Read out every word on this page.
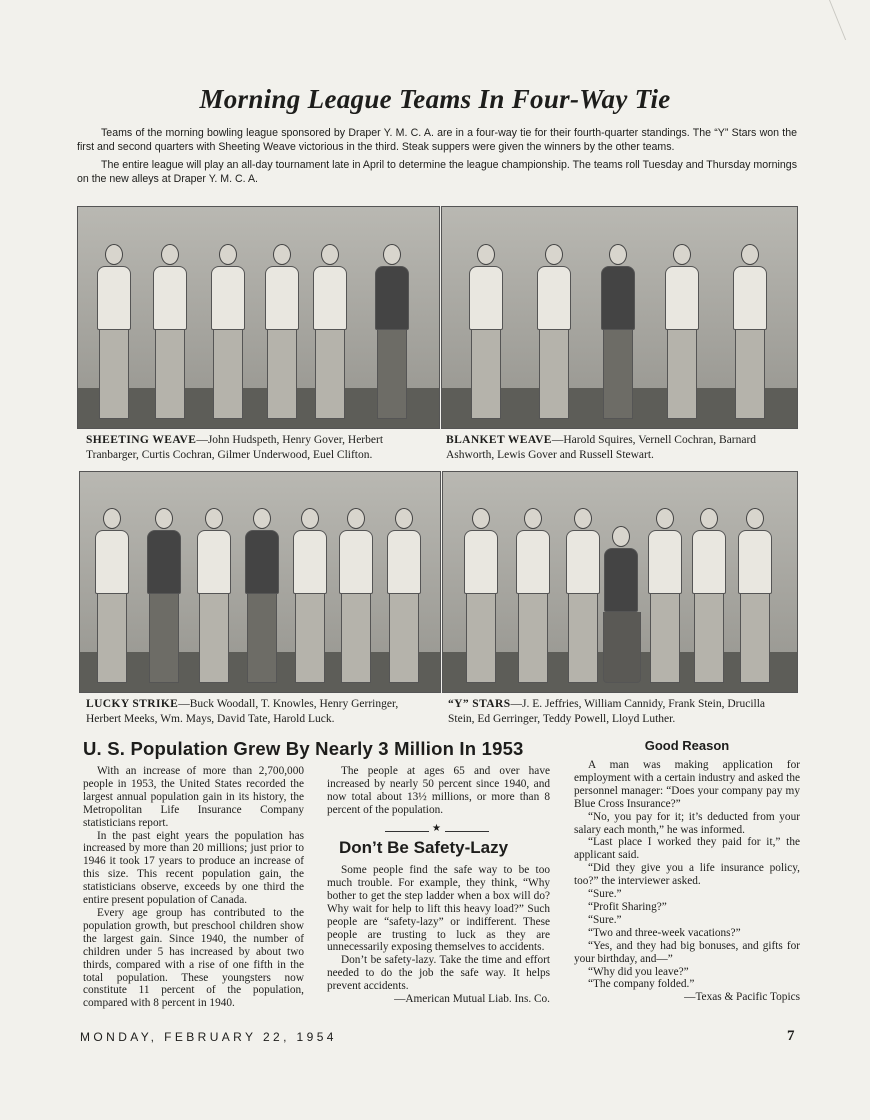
Morning League Teams In Four-Way Tie

Teams of the morning bowling league sponsored by Draper Y. M. C. A. are in a four-way tie for their fourth-quarter standings. The “Y” Stars won the first and second quarters with Sheeting Weave victorious in the third. Steak suppers were given the winners by the other teams.

The entire league will play an all-day tournament late in April to determine the league championship. The teams roll Tuesday and Thursday mornings on the new alleys at Draper Y. M. C. A.

SHEETING WEAVE—John Hudspeth, Henry Gover, Herbert Tranbarger, Curtis Cochran, Gilmer Underwood, Euel Clifton.
BLANKET WEAVE—Harold Squires, Vernell Cochran, Barnard Ashworth, Lewis Gover and Russell Stewart.
LUCKY STRIKE—Buck Woodall, T. Knowles, Henry Gerringer, Herbert Meeks, Wm. Mays, David Tate, Harold Luck.
“Y” STARS—J. E. Jeffries, William Cannidy, Frank Stein, Drucilla Stein, Ed Gerringer, Teddy Powell, Lloyd Luther.
U. S. Population Grew By Nearly 3 Million In 1953

With an increase of more than 2,700,000 people in 1953, the United States recorded the largest annual population gain in its history, the Metropolitan Life Insurance Company statisticians report.

In the past eight years the population has increased by more than 20 millions; just prior to 1946 it took 17 years to produce an increase of this size. This recent population gain, the statisticians observe, exceeds by one third the entire present population of Canada.

Every age group has contributed to the population growth, but preschool children show the largest gain. Since 1940, the number of children under 5 has increased by about two thirds, compared with a rise of one fifth in the total population. These youngsters now constitute 11 percent of the population, compared with 8 percent in 1940.

The people at ages 65 and over have increased by nearly 50 percent since 1940, and now total about 13½ millions, or more than 8 percent of the population.

★
Don’t Be Safety-Lazy

Some people find the safe way to be too much trouble. For example, they think, “Why bother to get the step ladder when a box will do? Why wait for help to lift this heavy load?” Such people are “safety-lazy” or indifferent. These people are trusting to luck as they are unnecessarily exposing themselves to accidents.

Don’t be safety-lazy. Take the time and effort needed to do the job the safe way. It helps prevent accidents.

—American Mutual Liab. Ins. Co.

Good Reason

A man was making application for employment with a certain industry and asked the personnel manager: “Does your company pay my Blue Cross Insurance?”

“No, you pay for it; it’s deducted from your salary each month,” he was informed.

“Last place I worked they paid for it,” the applicant said.

“Did they give you a life insurance policy, too?” the interviewer asked.

“Sure.”

“Profit Sharing?”

“Sure.”

“Two and three-week vacations?”

“Yes, and they had big bonuses, and gifts for your birthday, and—”

“Why did you leave?”

“The company folded.”

—Texas & Pacific Topics

MONDAY, FEBRUARY 22, 1954	7
